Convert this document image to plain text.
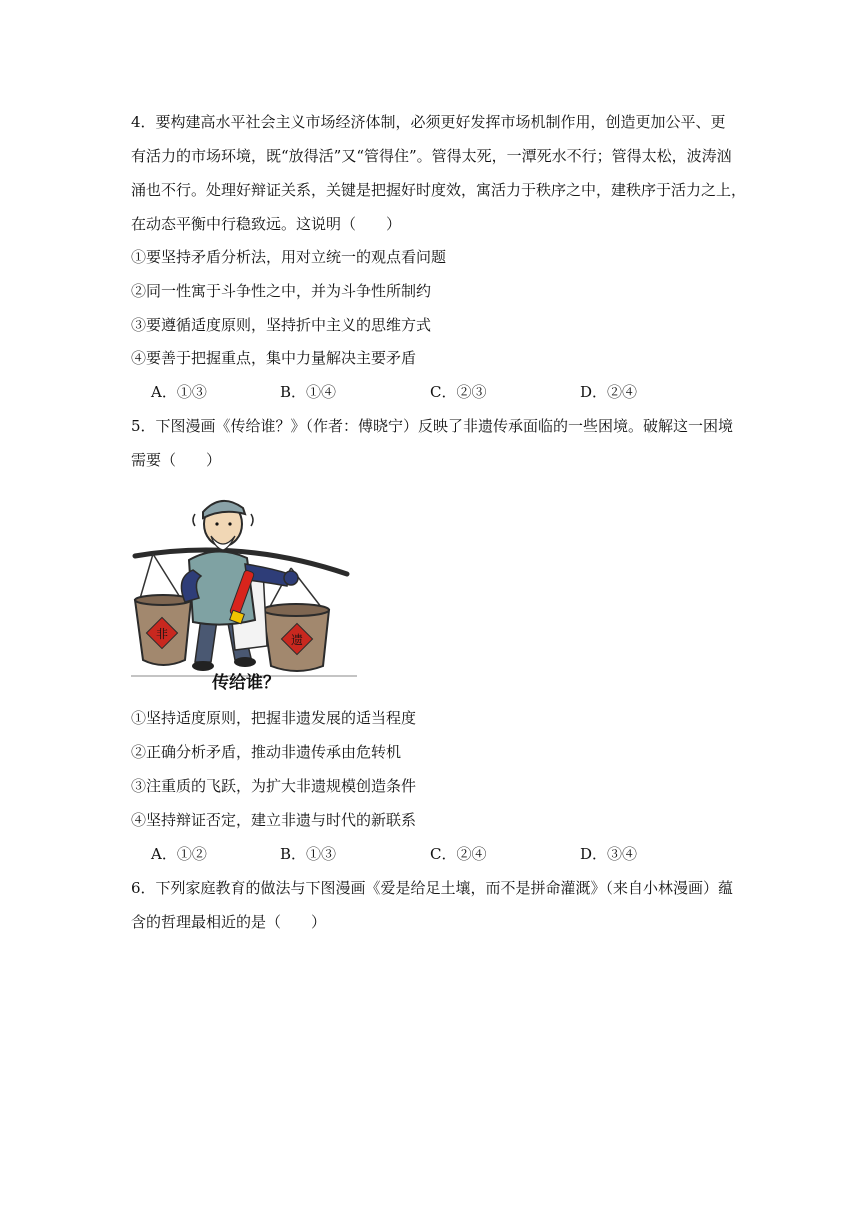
4．要构建高水平社会主义市场经济体制，必须更好发挥市场机制作用，创造更加公平、更
有活力的市场环境，既“放得活”又“管得住”。管得太死，一潭死水不行；管得太松，波涛汹
涌也不行。处理好辩证关系，关键是把握好时度效，寓活力于秩序之中，建秩序于活力之上，
在动态平衡中行稳致远。这说明（　　）
①要坚持矛盾分析法，用对立统一的观点看问题
②同一性寓于斗争性之中，并为斗争性所制约
③要遵循适度原则，坚持折中主义的思维方式
④要善于把握重点，集中力量解决主要矛盾
A．①③	B．①④	C．②③	D．②④
5．下图漫画《传给谁？》（作者：傅晓宁）反映了非遗传承面临的一些困境。破解这一困境
需要（　　）
非	遗
传给谁？
①坚持适度原则，把握非遗发展的适当程度
②正确分析矛盾，推动非遗传承由危转机
③注重质的飞跃，为扩大非遗规模创造条件
④坚持辩证否定，建立非遗与时代的新联系
A．①②	B．①③	C．②④	D．③④
6．下列家庭教育的做法与下图漫画《爱是给足土壤，而不是拼命灌溉》（来自小林漫画）蕴
含的哲理最相近的是（　　）
